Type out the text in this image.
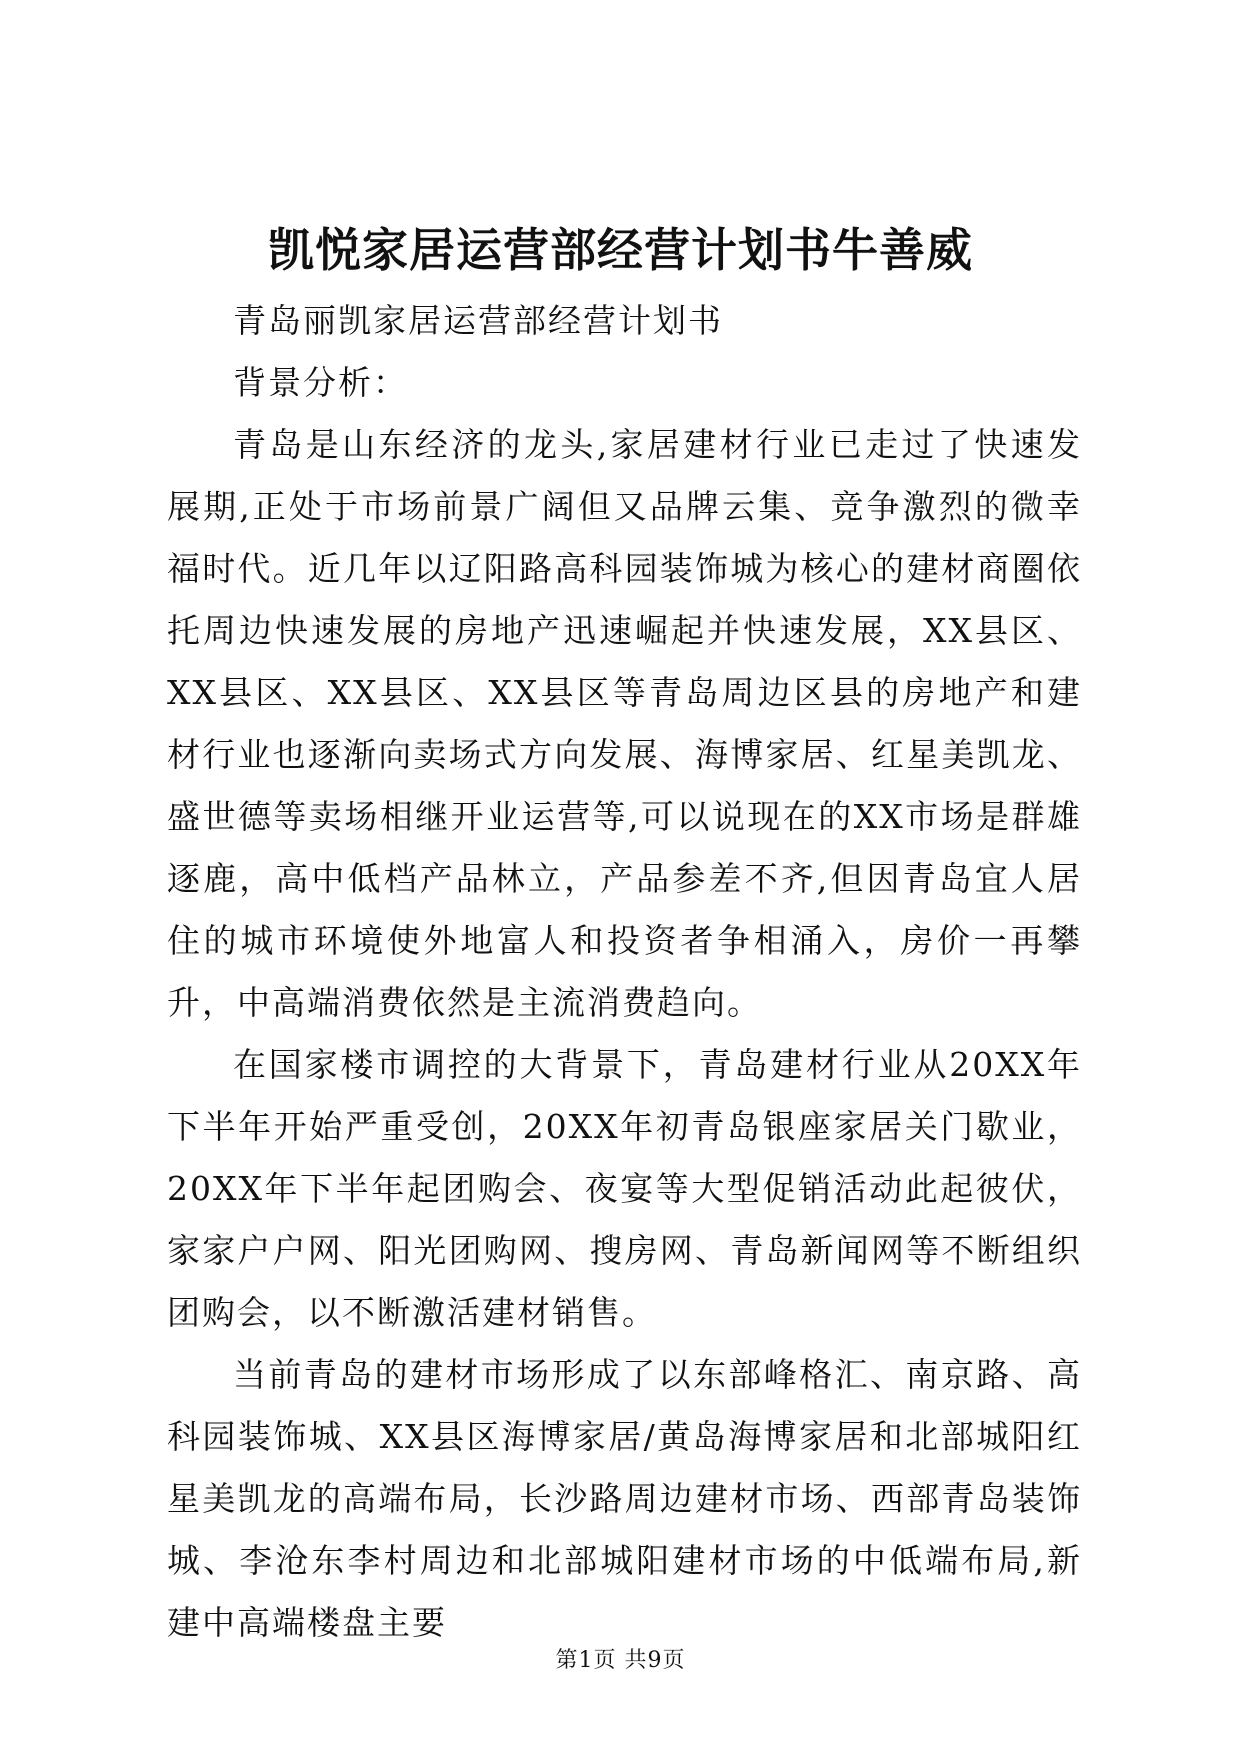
凯悦家居运营部经营计划书牛善威

青岛丽凯家居运营部经营计划书

背景分析：

青岛是山东经济的龙头,家居建材行业已走过了快速发展期,正处于市场前景广阔但又品牌云集、竞争激烈的微幸福时代。近几年以辽阳路高科园装饰城为核心的建材商圈依托周边快速发展的房地产迅速崛起并快速发展，XX县区、XX县区、XX县区、XX县区等青岛周边区县的房地产和建材行业也逐渐向卖场式方向发展、海博家居、红星美凯龙、盛世德等卖场相继开业运营等,可以说现在的XX市场是群雄逐鹿，高中低档产品林立，产品参差不齐,但因青岛宜人居住的城市环境使外地富人和投资者争相涌入，房价一再攀升，中高端消费依然是主流消费趋向。

在国家楼市调控的大背景下，青岛建材行业从20XX年下半年开始严重受创，20XX年初青岛银座家居关门歇业，20XX年下半年起团购会、夜宴等大型促销活动此起彼伏，家家户户网、阳光团购网、搜房网、青岛新闻网等不断组织团购会，以不断激活建材销售。

当前青岛的建材市场形成了以东部峰格汇、南京路、高科园装饰城、XX县区海博家居/黄岛海博家居和北部城阳红星美凯龙的高端布局，长沙路周边建材市场、西部青岛装饰城、李沧东李村周边和北部城阳建材市场的中低端布局,新建中高端楼盘主要

第1页 共9页
